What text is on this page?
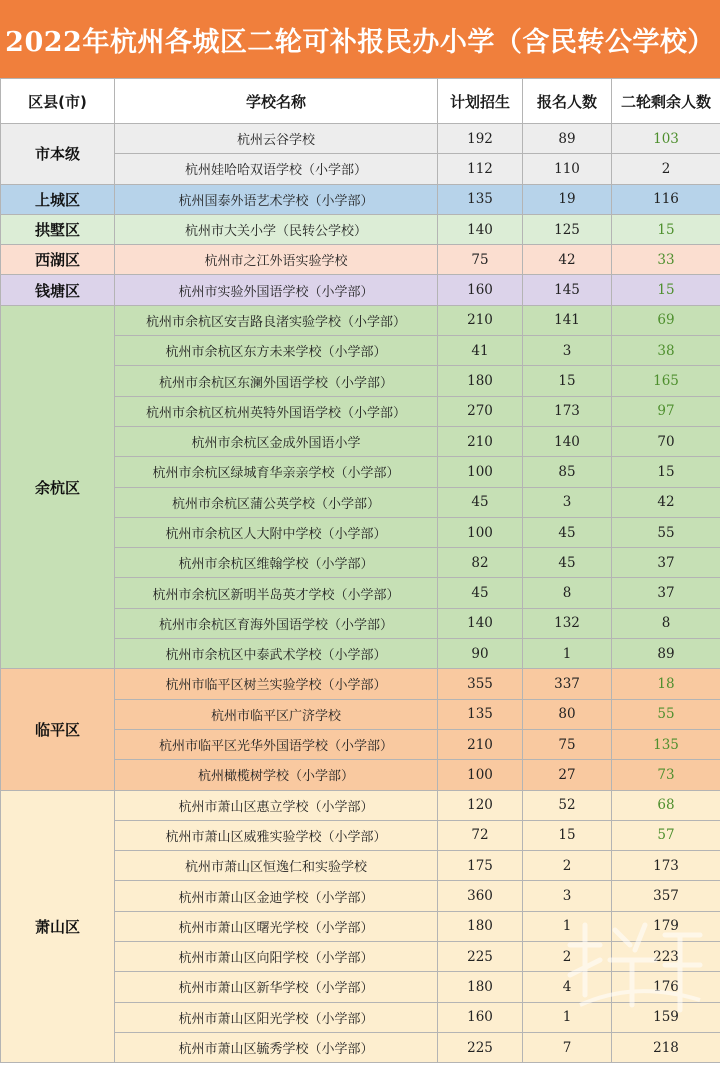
2022年杭州各城区二轮可补报民办小学（含民转公学校）
区县(市)	学校名称	计划招生	报名人数	二轮剩余人数
市本级	杭州云谷学校	192	89	103
	杭州娃哈哈双语学校（小学部）	112	110	2
上城区	杭州国泰外语艺术学校（小学部）	135	19	116
拱墅区	杭州市大关小学（民转公学校）	140	125	15
西湖区	杭州市之江外语实验学校	75	42	33
钱塘区	杭州市实验外国语学校（小学部）	160	145	15
余杭区	杭州市余杭区安吉路良渚实验学校（小学部）	210	141	69
	杭州市余杭区东方未来学校（小学部）	41	3	38
	杭州市余杭区东澜外国语学校（小学部）	180	15	165
	杭州市余杭区杭州英特外国语学校（小学部）	270	173	97
	杭州市余杭区金成外国语小学	210	140	70
	杭州市余杭区绿城育华亲亲学校（小学部）	100	85	15
	杭州市余杭区蒲公英学校（小学部）	45	3	42
	杭州市余杭区人大附中学校（小学部）	100	45	55
	杭州市余杭区维翰学校（小学部）	82	45	37
	杭州市余杭区新明半岛英才学校（小学部）	45	8	37
	杭州市余杭区育海外国语学校（小学部）	140	132	8
	杭州市余杭区中泰武术学校（小学部）	90	1	89
临平区	杭州市临平区树兰实验学校（小学部）	355	337	18
	杭州市临平区广济学校	135	80	55
	杭州市临平区光华外国语学校（小学部）	210	75	135
	杭州橄榄树学校（小学部）	100	27	73
萧山区	杭州市萧山区惠立学校（小学部）	120	52	68
	杭州市萧山区威雅实验学校（小学部）	72	15	57
	杭州市萧山区恒逸仁和实验学校	175	2	173
	杭州市萧山区金迪学校（小学部）	360	3	357
	杭州市萧山区曙光学校（小学部）	180	1	179
	杭州市萧山区向阳学校（小学部）	225	2	223
	杭州市萧山区新华学校（小学部）	180	4	176
	杭州市萧山区阳光学校（小学部）	160	1	159
	杭州市萧山区毓秀学校（小学部）	225	7	218
